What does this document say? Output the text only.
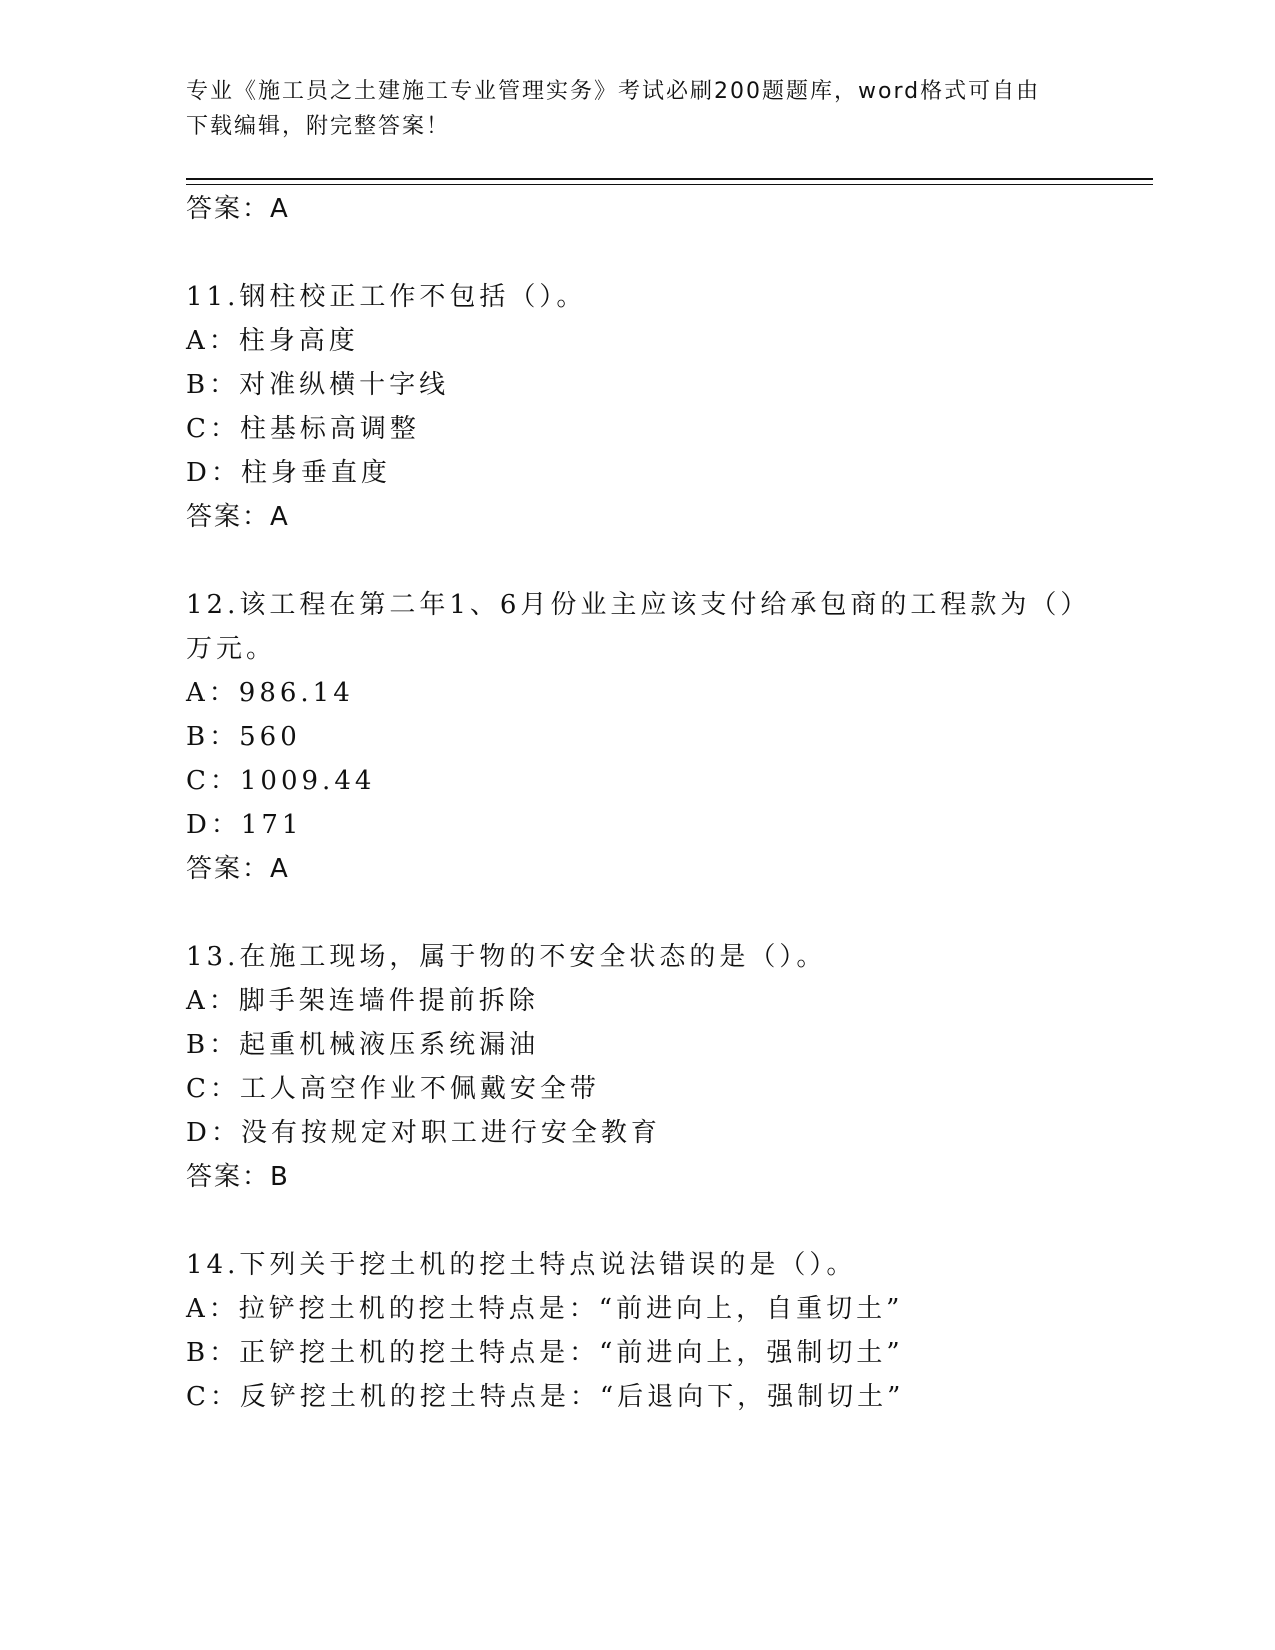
专业《施工员之土建施工专业管理实务》考试必刷200题题库，word格式可自由
下载编辑，附完整答案！
答案：A
11.钢柱校正工作不包括（）。
A：柱身高度
B：对准纵横十字线
C：柱基标高调整
D：柱身垂直度
答案：A
12.该工程在第二年1、6月份业主应该支付给承包商的工程款为（）
万元。
A：986.14
B：560
C：1009.44
D：171
答案：A
13.在施工现场，属于物的不安全状态的是（）。
A：脚手架连墙件提前拆除
B：起重机械液压系统漏油
C：工人高空作业不佩戴安全带
D：没有按规定对职工进行安全教育
答案：B
14.下列关于挖土机的挖土特点说法错误的是（）。
A：拉铲挖土机的挖土特点是：“前进向上，自重切土”
B：正铲挖土机的挖土特点是：“前进向上，强制切土”
C：反铲挖土机的挖土特点是：“后退向下，强制切土”
